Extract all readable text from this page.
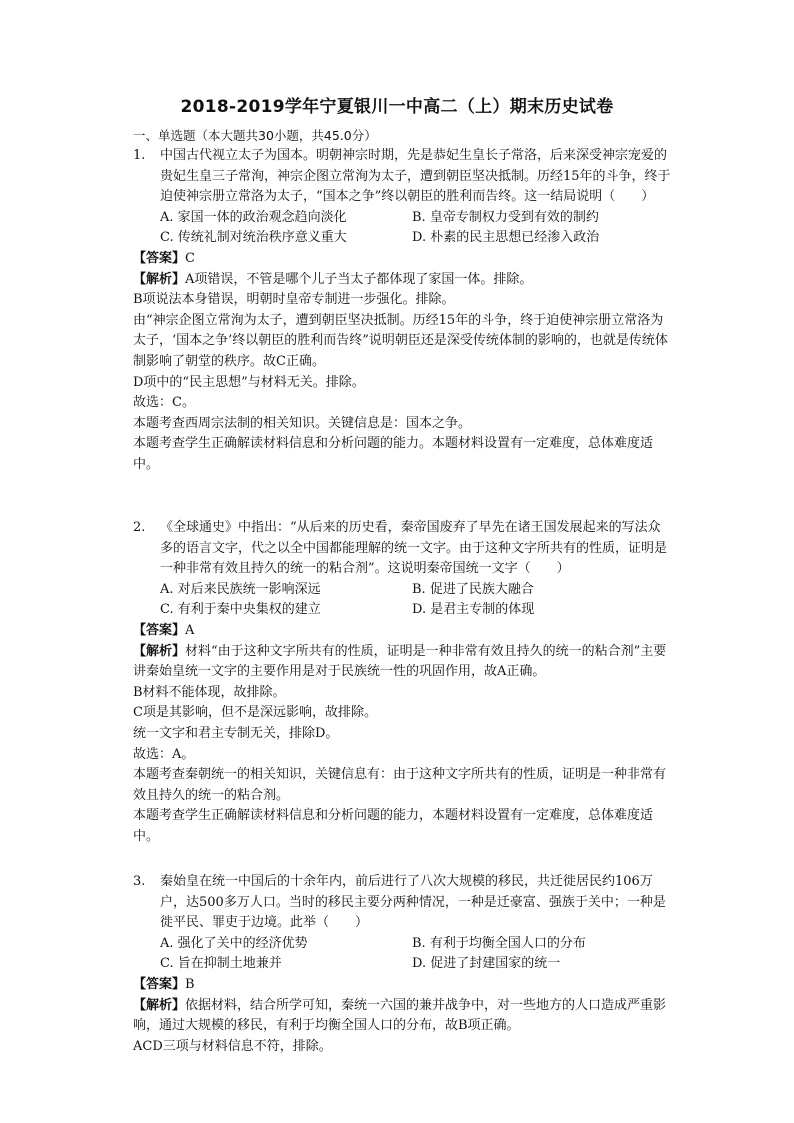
2018-2019学年宁夏银川一中高二（上）期末历史试卷
一、单选题（本大题共30小题，共45.0分）
1.	中国古代视立太子为国本。明朝神宗时期，先是恭妃生皇长子常洛，后来深受神宗宠爱的贵妃生皇三子常洵，神宗企图立常洵为太子，遭到朝臣坚决抵制。历经15年的斗争，终于迫使神宗册立常洛为太子，“国本之争”终以朝臣的胜利而告终。这一结局说明（　　）
A. 家国一体的政治观念趋向淡化	B. 皇帝专制权力受到有效的制约
C. 传统礼制对统治秩序意义重大	D. 朴素的民主思想已经渗入政治
【答案】C
【解析】A项错误，不管是哪个儿子当太子都体现了家国一体。排除。
B项说法本身错误，明朝时皇帝专制进一步强化。排除。
由“神宗企图立常洵为太子，遭到朝臣坚决抵制。历经15年的斗争，终于迫使神宗册立常洛为太子，‘国本之争’终以朝臣的胜利而告终”说明朝臣还是深受传统体制的影响的，也就是传统体制影响了朝堂的秩序。故C正确。
D项中的“民主思想”与材料无关。排除。
故选：C。
本题考查西周宗法制的相关知识。关键信息是：国本之争。
本题考查学生正确解读材料信息和分析问题的能力。本题材料设置有一定难度，总体难度适中。
2.	《全球通史》中指出：“从后来的历史看，秦帝国废弃了早先在诸王国发展起来的写法众多的语言文字，代之以全中国都能理解的统一文字。由于这种文字所共有的性质，证明是一种非常有效且持久的统一的粘合剂”。这说明秦帝国统一文字（　　）
A. 对后来民族统一影响深远	B. 促进了民族大融合
C. 有利于秦中央集权的建立	D. 是君主专制的体现
【答案】A
【解析】材料“由于这种文字所共有的性质，证明是一种非常有效且持久的统一的粘合剂”主要讲秦始皇统一文字的主要作用是对于民族统一性的巩固作用，故A正确。
B材料不能体现，故排除。
C项是其影响，但不是深远影响，故排除。
统一文字和君主专制无关，排除D。
故选：A。
本题考查秦朝统一的相关知识，关键信息有：由于这种文字所共有的性质，证明是一种非常有效且持久的统一的粘合剂。
本题考查学生正确解读材料信息和分析问题的能力，本题材料设置有一定难度，总体难度适中。
3.	秦始皇在统一中国后的十余年内，前后进行了八次大规模的移民，共迁徙居民约106万户，达500多万人口。当时的移民主要分两种情况，一种是迁豪富、强族于关中；一种是徙平民、罪吏于边境。此举（　　）
A. 强化了关中的经济优势	B. 有利于均衡全国人口的分布
C. 旨在抑制土地兼并	D. 促进了封建国家的统一
【答案】B
【解析】依据材料，结合所学可知，秦统一六国的兼并战争中，对一些地方的人口造成严重影响，通过大规模的移民，有利于均衡全国人口的分布，故B项正确。
ACD三项与材料信息不符，排除。
